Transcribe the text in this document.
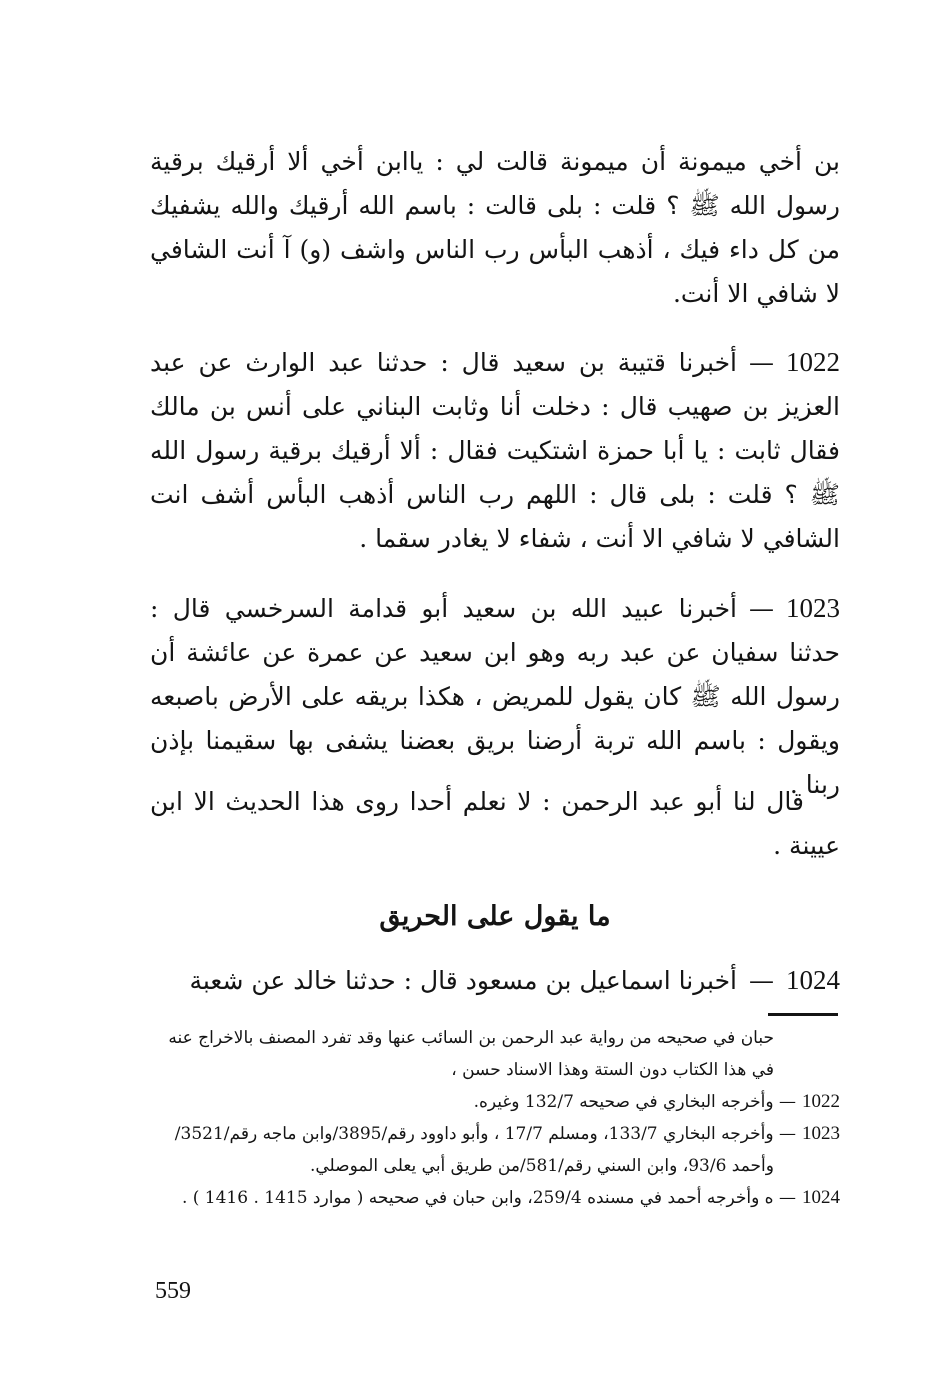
بن أخي ميمونة أن ميمونة قالت لي : ياابن أخي ألا أرقيك برقية رسول الله ﷺ ؟ قلت : بلى قالت : باسم الله أرقيك والله يشفيك من كل داء فيك ، أذهب البأس رب الناس واشف (و) آ أنت الشافي لا شافي الا أنت.
1022—أخبرنا قتيبة بن سعيد قال : حدثنا عبد الوارث عن عبد العزيز بن صهيب قال : دخلت أنا وثابت البناني على أنس بن مالك فقال ثابت : يا أبا حمزة اشتكيت فقال : ألا أرقيك برقية رسول الله ﷺ ؟ قلت : بلى قال : اللهم رب الناس أذهب البأس أشف انت الشافي لا شافي الا أنت ، شفاء لا يغادر سقما .
1023—أخبرنا عبيد الله بن سعيد أبو قدامة السرخسي قال : حدثنا سفيان عن عبد ربه وهو ابن سعيد عن عمرة عن عائشة أن رسول الله ﷺ كان يقول للمريض ، هكذا بريقه على الأرض باصبعه ويقول : باسم الله تربة أرضنا بريق بعضنا يشفى بها سقيمنا بإذن ربنا .
قال لنا أبو عبد الرحمن : لا نعلم أحدا روى هذا الحديث الا ابن عيينة .
ما يقول على الحريق
1024—أخبرنا اسماعيل بن مسعود قال : حدثنا خالد عن شعبة
حبان في صحيحه من رواية عبد الرحمن بن السائب عنها وقد تفرد المصنف بالاخراج عنه في هذا الكتاب دون الستة وهذا الاسناد حسن ،
1022— وأخرجه البخاري في صحيحه 132/7 وغيره.
1023— وأخرجه البخاري 133/7، ومسلم 17/7 ، وأبو داوود رقم/3895/وابن ماجه رقم/3521/وأحمد 93/6، وابن السني رقم/581/من طريق أبي يعلى الموصلي.
1024— ه وأخرجه أحمد في مسنده 259/4، وابن حبان في صحيحه ( موارد 1415 . 1416 ) .
559
